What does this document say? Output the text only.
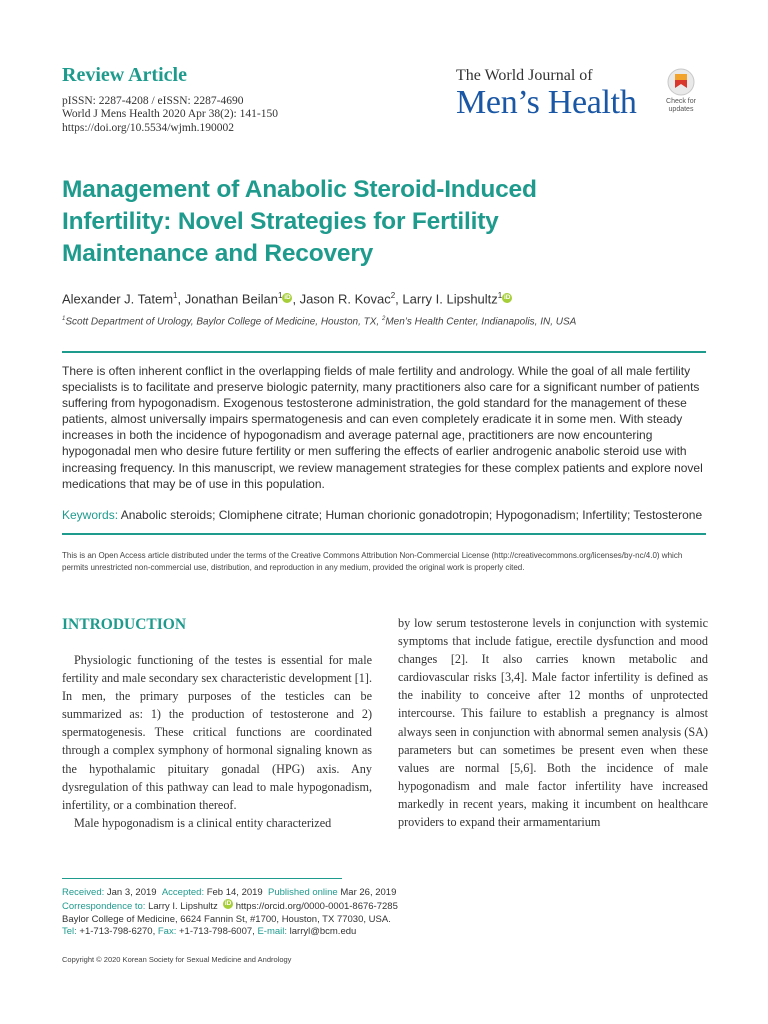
Review Article
pISSN: 2287-4208 / eISSN: 2287-4690
World J Mens Health 2020 Apr 38(2): 141-150
https://doi.org/10.5534/wjmh.190002
The World Journal of
Men’s Health	Check for
updates
Management of Anabolic Steroid-Induced
Infertility: Novel Strategies for Fertility
Maintenance and Recovery
Alexander J. Tatem$^1$, Jonathan Beilan$^1$ iD , Jason R. Kovac$^2$, Larry I. Lipshultz$^1$ iD
$^1$Scott Department of Urology, Baylor College of Medicine, Houston, TX, $^2$Men’s Health Center, Indianapolis, IN, USA
There is often inherent conflict in the overlapping fields of male fertility and andrology. While the goal of all male fertility specialists is to facilitate and preserve biologic paternity, many practitioners also care for a significant number of patients suffering from hypogonadism. Exogenous testosterone administration, the gold standard for the management of these patients, almost universally impairs spermatogenesis and can even completely eradicate it in some men. With steady increases in both the incidence of hypogonadism and average paternal age, practitioners are now encountering hypogonadal men who desire future fertility or men suffering the effects of earlier androgenic anabolic steroid use with increasing frequency. In this manuscript, we review management strategies for these complex patients and explore novel medications that may be of use in this population.
Keywords: Anabolic steroids; Clomiphene citrate; Human chorionic gonadotropin; Hypogonadism; Infertility; Testosterone
This is an Open Access article distributed under the terms of the Creative Commons Attribution Non-Commercial License (http://creativecommons.org/licenses/by-nc/4.0) which permits unrestricted non-commercial use, distribution, and reproduction in any medium, provided the original work is properly cited.
INTRODUCTION

Physiologic functioning of the testes is essential for male fertility and male secondary sex characteristic development [1]. In men, the primary purposes of the testicles can be summarized as: 1) the production of testosterone and 2) spermatogenesis. These critical functions are coordinated through a complex symphony of hormonal signaling known as the hypothalamic pituitary gonadal (HPG) axis. Any dysregulation of this pathway can lead to male hypogonadism, infertility, or a combination thereof.

Male hypogonadism is a clinical entity characterized

by low serum testosterone levels in conjunction with systemic symptoms that include fatigue, erectile dysfunction and mood changes [2]. It also carries known metabolic and cardiovascular risks [3,4]. Male factor infertility is defined as the inability to conceive after 12 months of unprotected intercourse. This failure to establish a pregnancy is almost always seen in conjunction with abnormal semen analysis (SA) parameters but can sometimes be present even when these values are normal [5,6]. Both the incidence of male hypogonadism and male factor infertility have increased markedly in recent years, making it incumbent on healthcare providers to expand their armamentarium

Received: Jan 3, 2019 Accepted: Feb 14, 2019 Published online Mar 26, 2019
Correspondence to: Larry I. Lipshultz iD https://orcid.org/0000-0001-8676-7285
Baylor College of Medicine, 6624 Fannin St, #1700, Houston, TX 77030, USA.
Tel: +1-713-798-6270, Fax: +1-713-798-6007, E-mail: larryl@bcm.edu
Copyright © 2020 Korean Society for Sexual Medicine and Andrology
